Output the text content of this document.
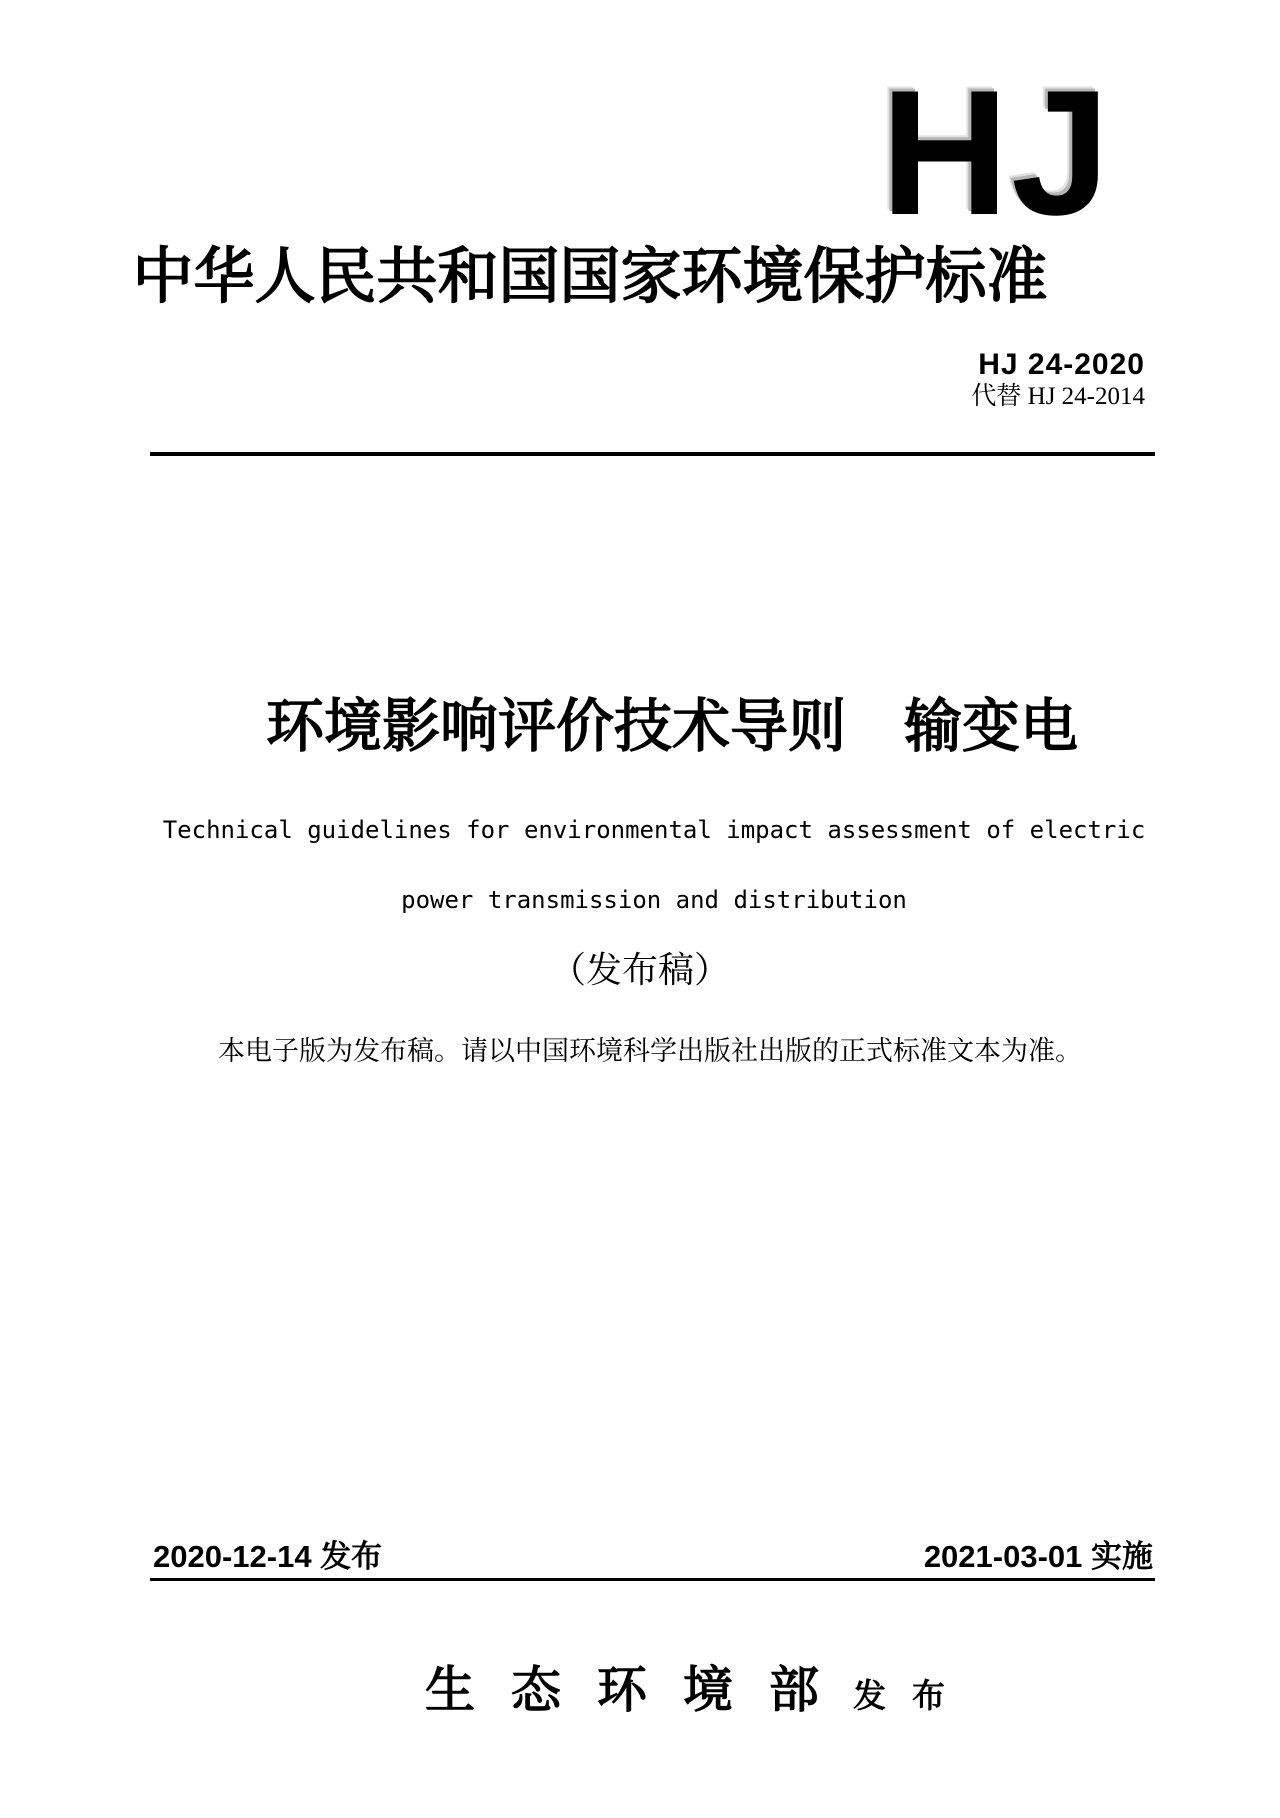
HJ
中华人民共和国国家环境保护标准
HJ 24-2020
代替 HJ 24-2014
环境影响评价技术导则　输变电
Technical guidelines for environmental impact assessment of electric
power transmission and distribution
（发布稿）
本电子版为发布稿。请以中国环境科学出版社出版的正式标准文本为准。
2020-12-14 发布	2021-03-01 实施
生态环境部
发布
